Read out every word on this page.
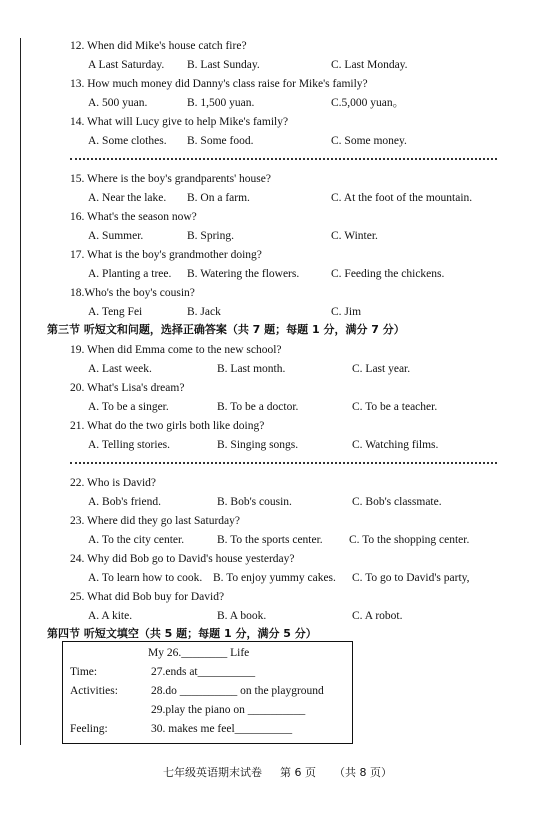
12. When did Mike's house catch fire?
A Last Saturday. B. Last Sunday.	C. Last Monday.
13. How much money did Danny's class raise for Mike's family?
A. 500 yuan.	B. 1,500 yuan.	C.5,000 yuan。
14. What will Lucy give to help Mike's family?
A. Some clothes. B. Some food.	C. Some money.
15. Where is the boy's grandparents' house?
A. Near the lake. B. On a farm.	C. At the foot of the mountain.
16. What's the season now?
A. Summer.	B. Spring.	C. Winter.
17. What is the boy's grandmother doing?
A. Planting a tree. B. Watering the flowers.	C. Feeding the chickens.
18.Who's the boy's cousin?
A. Teng Fei	B. Jack	C. Jim
第三节 听短文和问题，选择正确答案（共 7 题；每题 1 分，满分 7 分）
19. When did Emma come to the new school?
A. Last week.	B. Last month.	C. Last year.
20. What's Lisa's dream?
A. To be a singer.	B. To be a doctor.	C. To be a teacher.
21. What do the two girls both like doing?
A. Telling stories.	B. Singing songs.	C. Watching films.
22. Who is David?
A. Bob's friend.	B. Bob's cousin.	C. Bob's classmate.
23. Where did they go last Saturday?
A. To the city center.	B. To the sports center. C. To the shopping center.
24. Why did Bob go to David's house yesterday?
A. To learn how to cook. B. To enjoy yummy cakes. C. To go to David's party,
25. What did Bob buy for David?
A. A kite.	B. A book.	C. A robot.
第四节 听短文填空（共 5 题；每题 1 分，满分 5 分）
My 26.________ Life
Time:	27.ends at__________
Activities:	28.do __________ on the playground
29.play the piano on __________
Feeling:	30. makes me feel__________
七年级英语期末试卷 　 第 6 页 　 （共 8 页）
